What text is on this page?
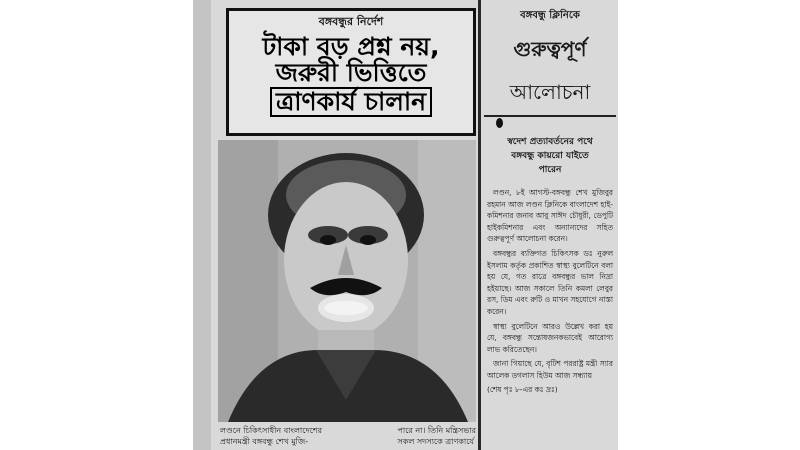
বঙ্গবন্ধুর নির্দেশ
টাকা বড় প্রশ্ন নয়,
জরুরী ভিত্তিতে
ত্রাণকার্য চালান
লণ্ডনে চিকিৎসাধীন বাংলাদেশের
প্রধানমন্ত্রী বঙ্গবন্ধু শেখ মুজি-
পারে না। তিনি মন্ত্রিসভার
সকল সদস্যকে ত্রাণকার্যে
বঙ্গবন্ধু ক্লিনিকে
গুরুত্বপূর্ণ
আলোচনা
স্বদেশ প্রত্যাবর্তনের পথে
বঙ্গবন্ধু কায়রো যাইতে
পারেন

লণ্ডন, ৮ই আগস্ট-বঙ্গবন্ধু শেখ মুজিবুর রহমান আজ লণ্ডন ক্লিনিকে বাংলাদেশ হাই- কমিশনার জনাব আবু সাঈদ চৌধুরী, ডেপুটি হাইকমিশনার এবং অন্যান্যদের সহিত গুরুত্বপূর্ণ আলোচনা করেন।

বঙ্গবন্ধুর ব্যক্তিগত চিকিৎসক ডঃ নুরুল ইসলাম কর্তৃক প্রকাশিত স্বাস্থ্য বুলেটিনে বলা হয় যে, গত রাত্রে বঙ্গবন্ধুর ভাল নিদ্রা হইয়াছে। আজ সকালে তিনি কমলা লেবুর রস, ডিম এবং রুটি ও মাখন সহযোগে নাস্তা করেন।

স্বাস্থ্য বুলেটিনে আরও উল্লেখ করা হয় যে, বঙ্গবন্ধু সন্তোষজনকভাবেই আরোগ্য লাভ করিতেছেন।

জানা গিয়াছে যে, বৃটিশ পররাষ্ট্র মন্ত্রী স্যার আলেক ডগলাস হিউম আজ সন্ধ্যায়

(শেষ পৃঃ ৮-এর কঃ দ্রঃ)
